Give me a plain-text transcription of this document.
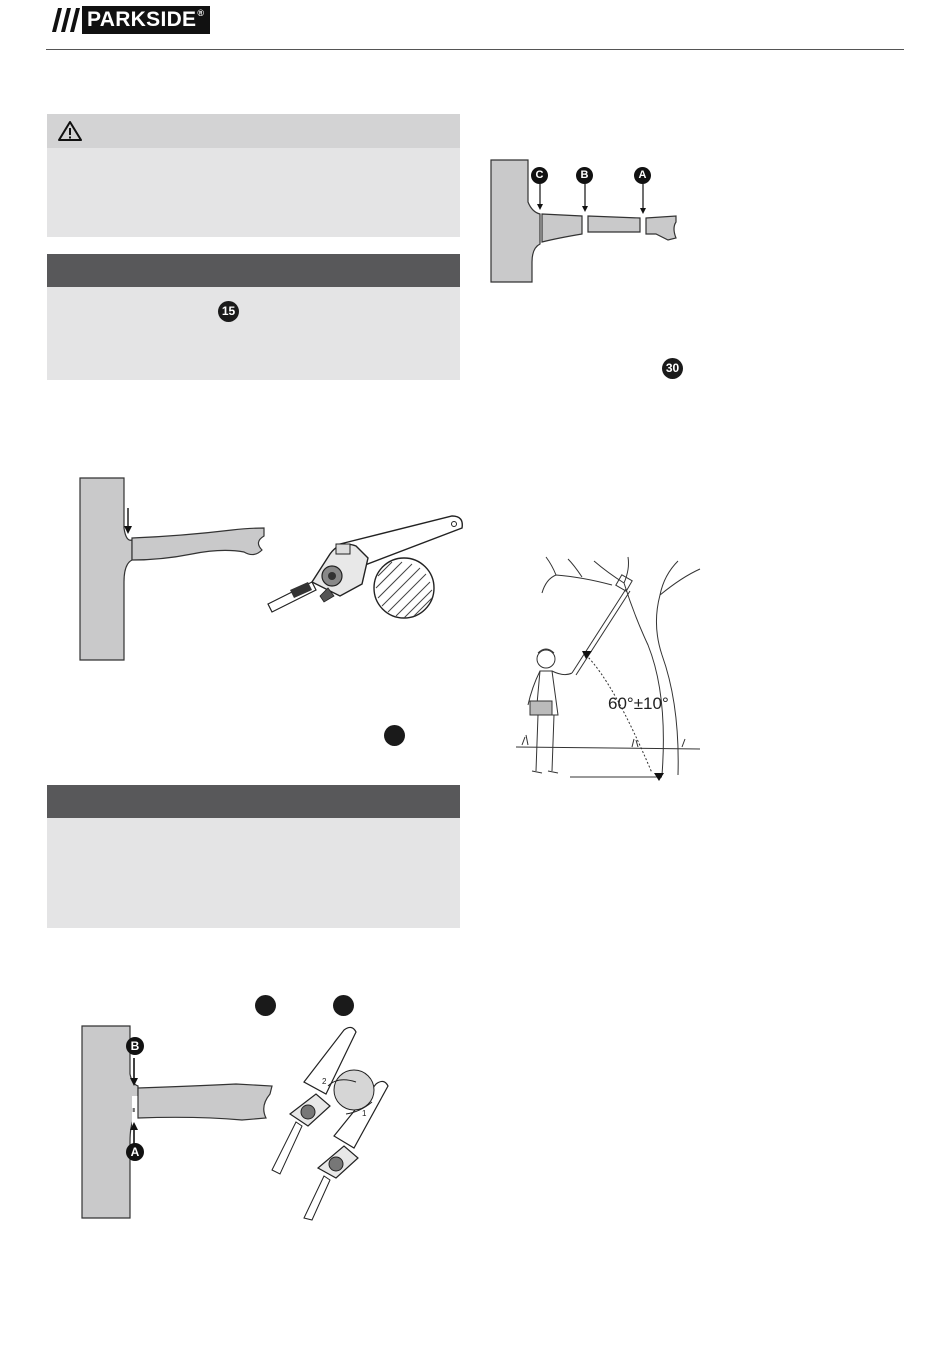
PARKSIDE®
15
2
1
B
A
C	B	A
30
60°±10°
